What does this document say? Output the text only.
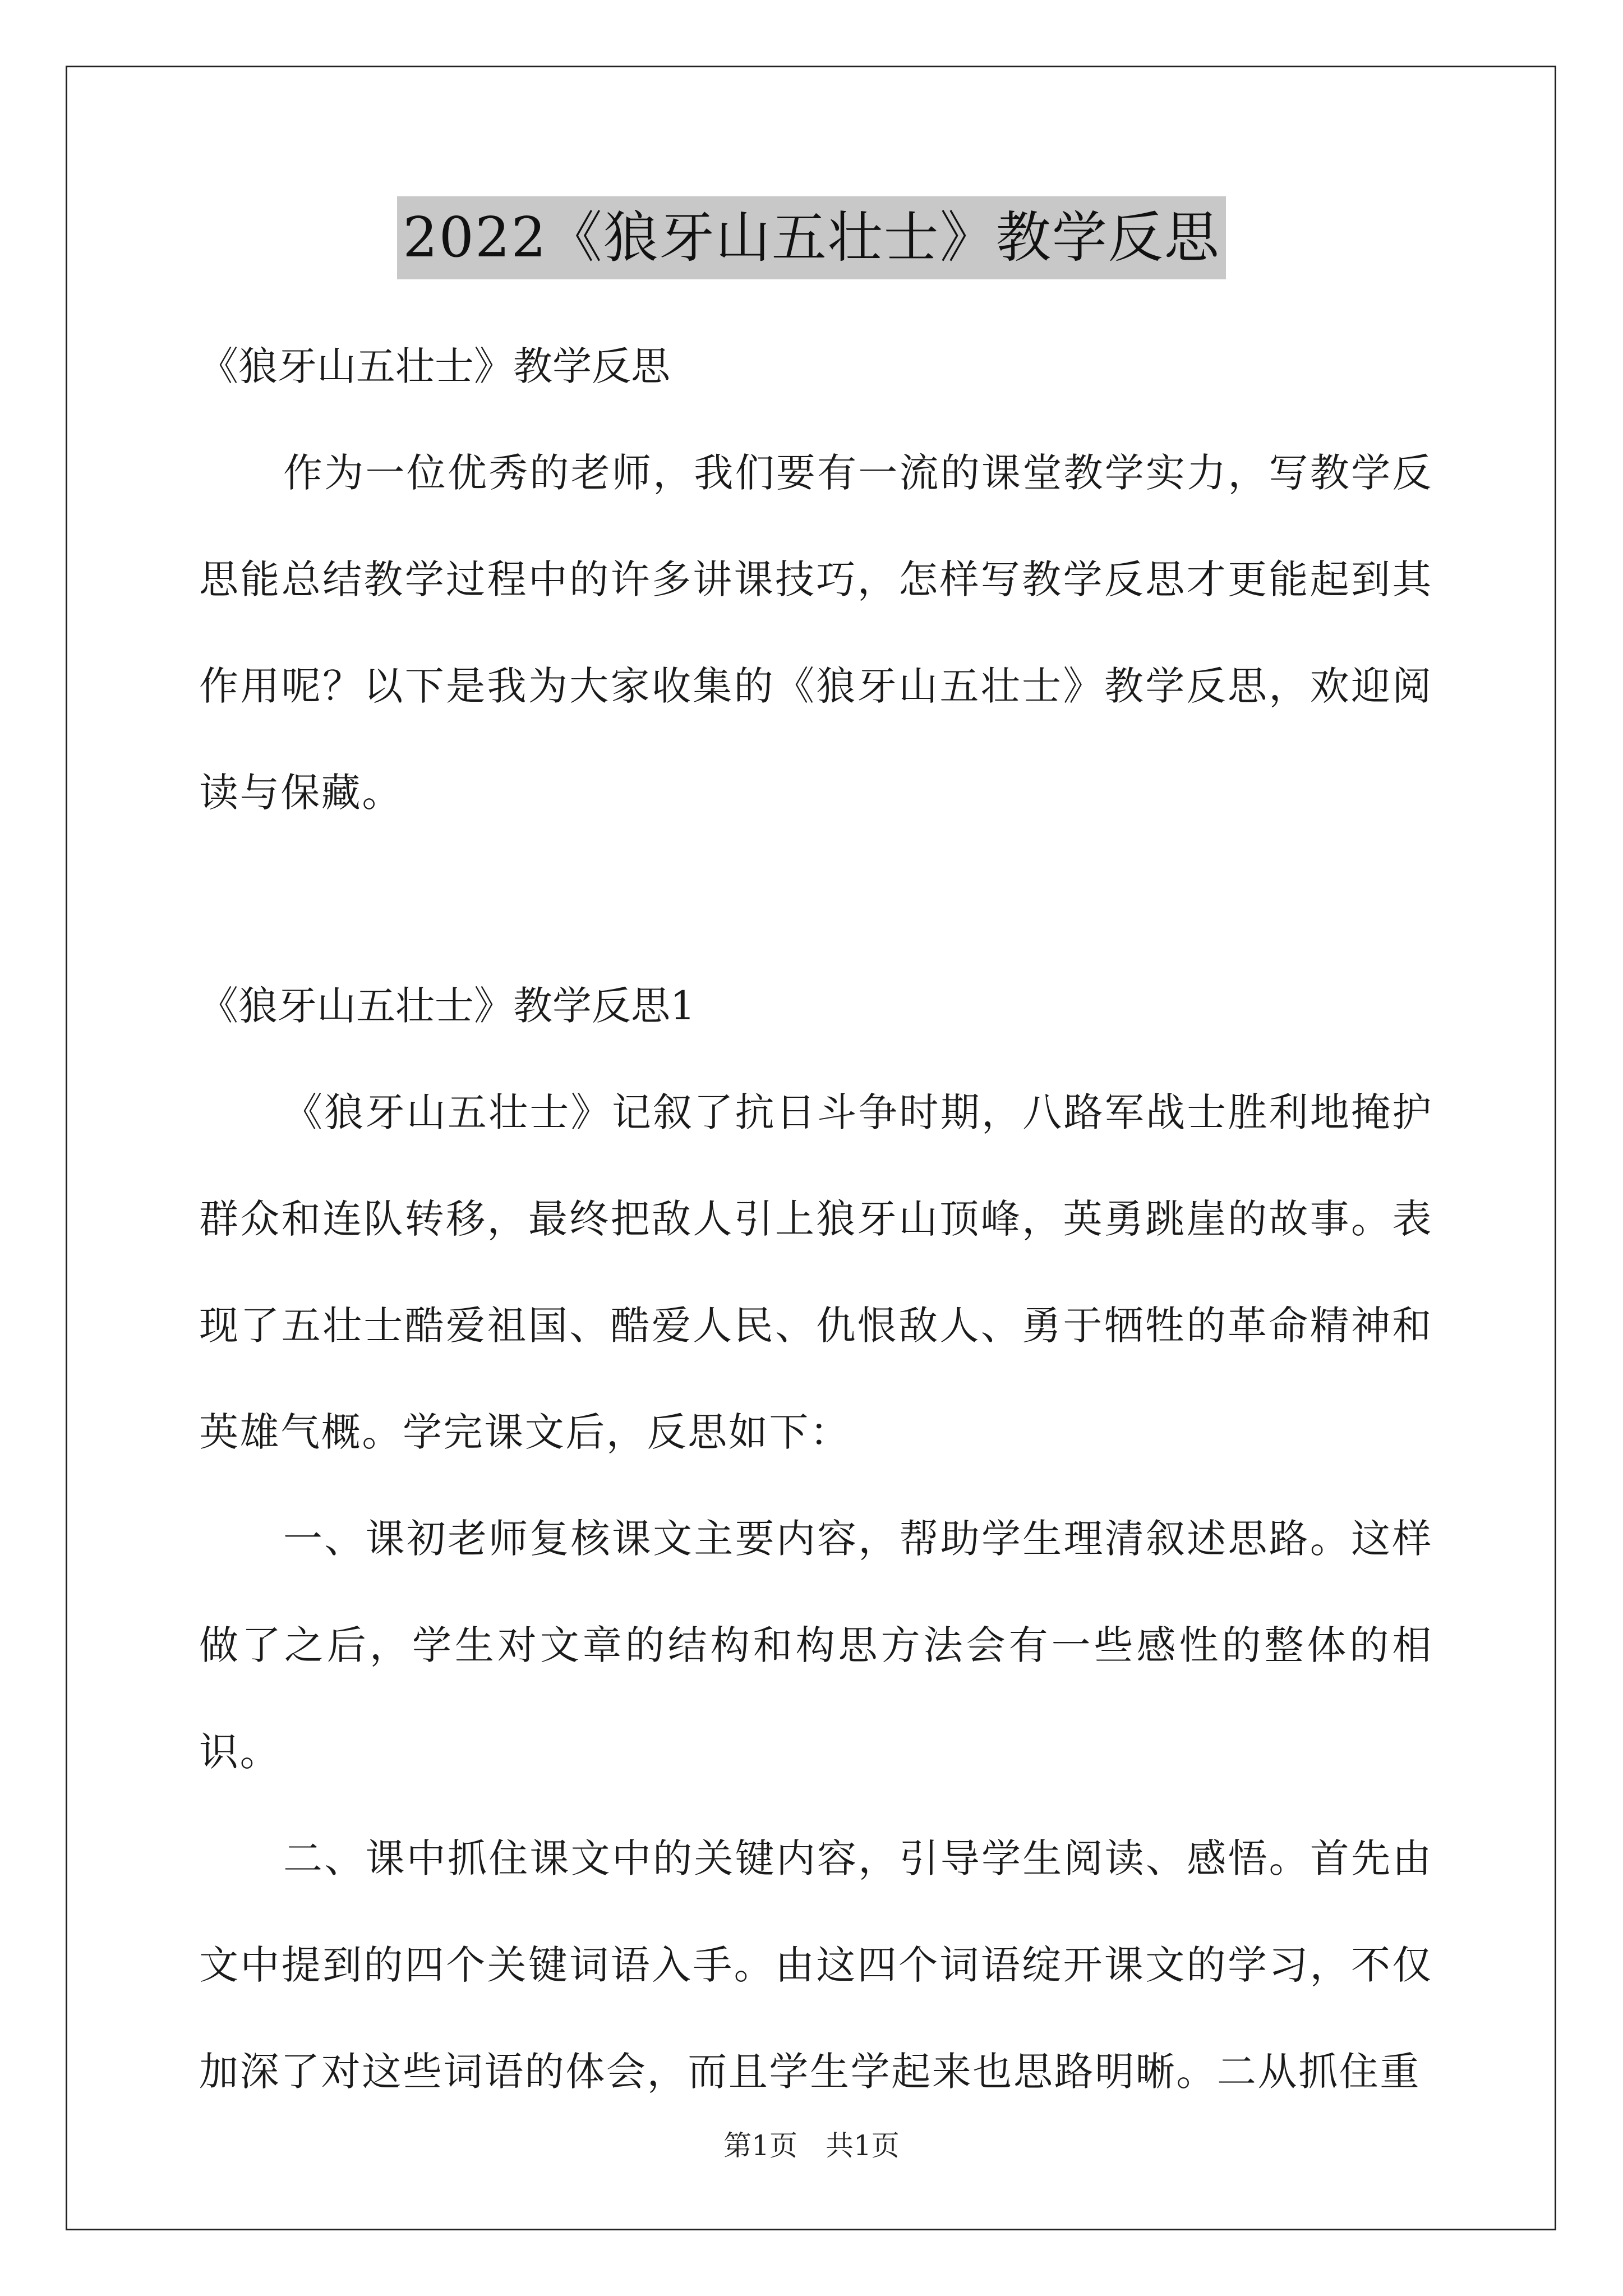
2022《狼牙山五壮士》教学反思

《狼牙山五壮士》教学反思

作为一位优秀的老师，我们要有一流的课堂教学实力，写教学反思能总结教学过程中的许多讲课技巧，怎样写教学反思才更能起到其作用呢？以下是我为大家收集的《狼牙山五壮士》教学反思，欢迎阅读与保藏。

《狼牙山五壮士》教学反思1

《狼牙山五壮士》记叙了抗日斗争时期，八路军战士胜利地掩护群众和连队转移，最终把敌人引上狼牙山顶峰，英勇跳崖的故事。表现了五壮士酷爱祖国、酷爱人民、仇恨敌人、勇于牺牲的革命精神和英雄气概。学完课文后，反思如下：

一、课初老师复核课文主要内容，帮助学生理清叙述思路。这样做了之后，学生对文章的结构和构思方法会有一些感性的整体的相识。

二、课中抓住课文中的关键内容，引导学生阅读、感悟。首先由文中提到的四个关键词语入手。由这四个词语绽开课文的学习，不仅加深了对这些词语的体会，而且学生学起来也思路明晰。二从抓住重

第1页 共1页
